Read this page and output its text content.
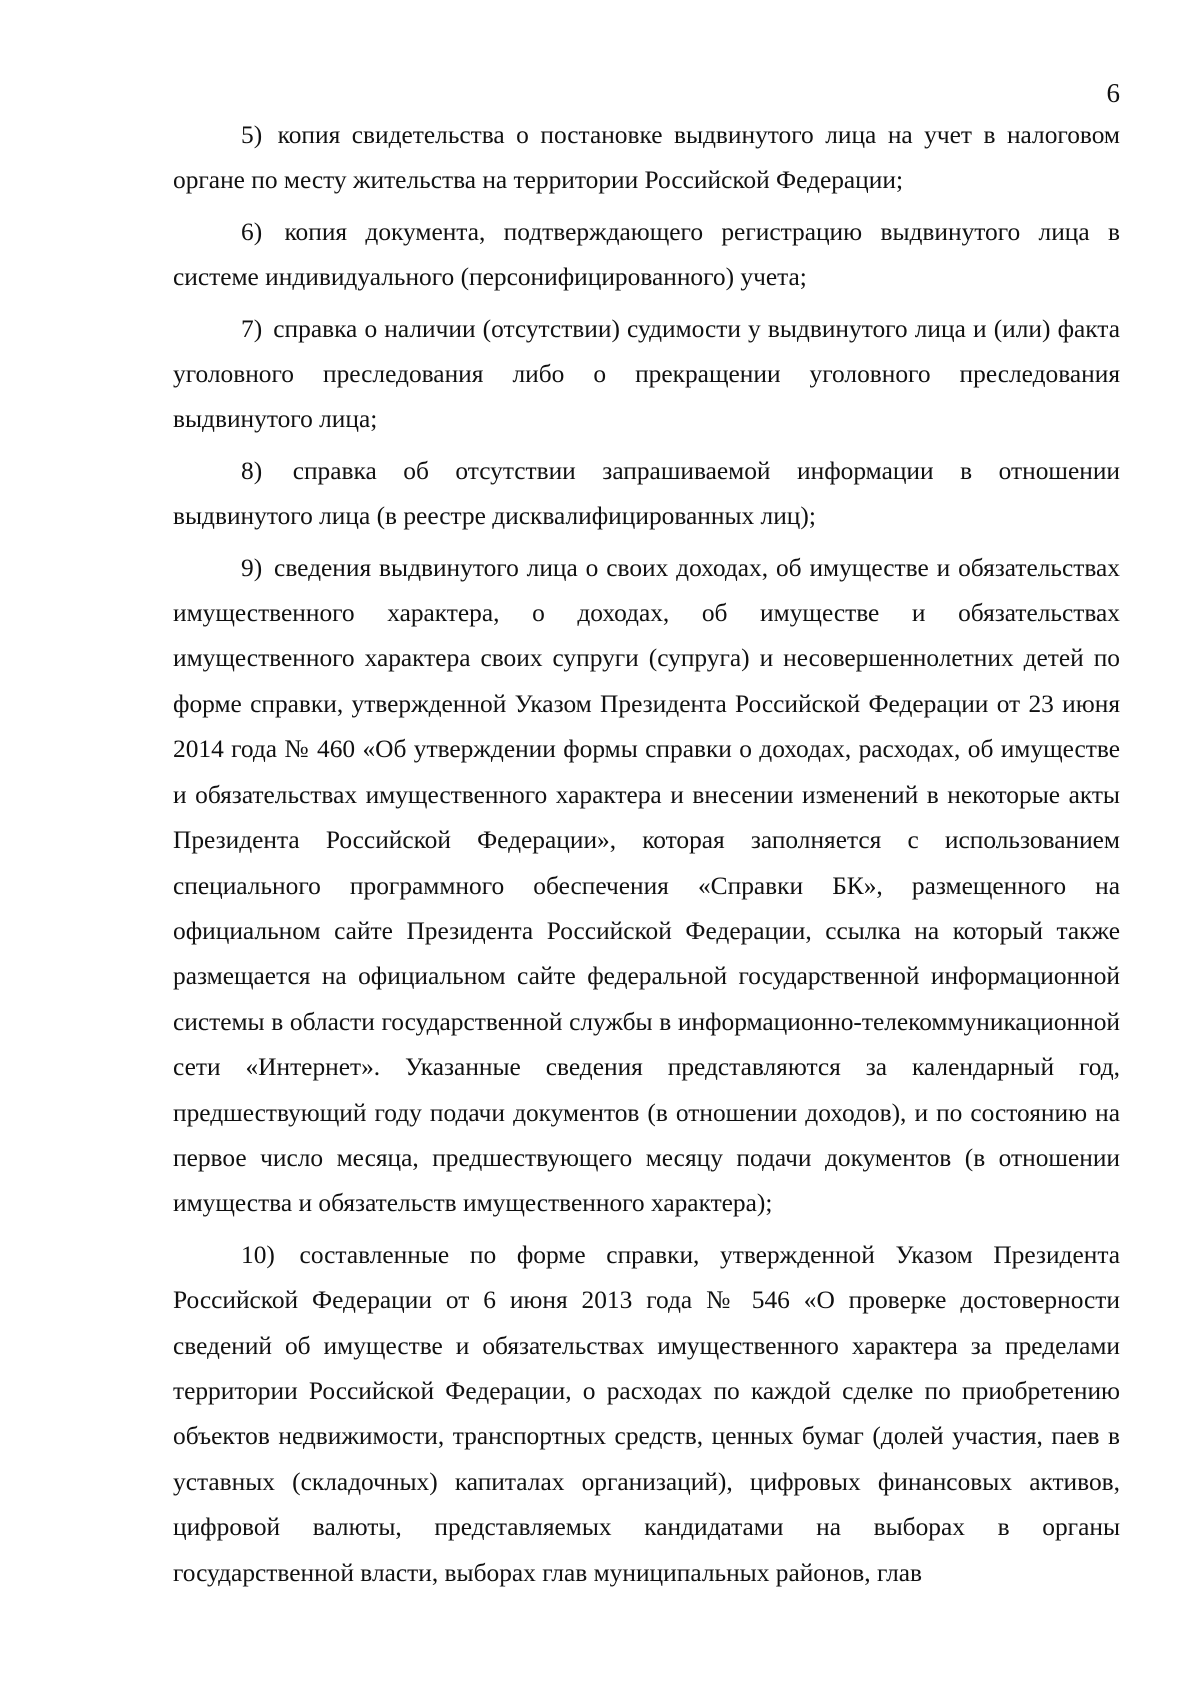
6

5) копия свидетельства о постановке выдвинутого лица на учет в налоговом органе по месту жительства на территории Российской Федерации;

6) копия документа, подтверждающего регистрацию выдвинутого лица в системе индивидуального (персонифицированного) учета;

7) справка о наличии (отсутствии) судимости у выдвинутого лица и (или) факта уголовного преследования либо о прекращении уголовного преследования выдвинутого лица;

8) справка об отсутствии запрашиваемой информации в отношении выдвинутого лица (в реестре дисквалифицированных лиц);

9) сведения выдвинутого лица о своих доходах, об имуществе и обязательствах имущественного характера, о доходах, об имуществе и обязательствах имущественного характера своих супруги (супруга) и несовершеннолетних детей по форме справки, утвержденной Указом Президента Российской Федерации от 23 июня 2014 года № 460 «Об утверждении формы справки о доходах, расходах, об имуществе и обязательствах имущественного характера и внесении изменений в некоторые акты Президента Российской Федерации», которая заполняется с использованием специального программного обеспечения «Справки БК», размещенного на официальном сайте Президента Российской Федерации, ссылка на который также размещается на официальном сайте федеральной государственной информационной системы в области государственной службы в информационно-телекоммуникационной сети «Интернет». Указанные сведения представляются за календарный год, предшествующий году подачи документов (в отношении доходов), и по состоянию на первое число месяца, предшествующего месяцу подачи документов (в отношении имущества и обязательств имущественного характера);

10) составленные по форме справки, утвержденной Указом Президента Российской Федерации от 6 июня 2013 года № 546 «О проверке достоверности сведений об имуществе и обязательствах имущественного характера за пределами территории Российской Федерации, о расходах по каждой сделке по приобретению объектов недвижимости, транспортных средств, ценных бумаг (долей участия, паев в уставных (складочных) капиталах организаций), цифровых финансовых активов, цифровой валюты, представляемых кандидатами на выборах в органы государственной власти, выборах глав муниципальных районов, глав
